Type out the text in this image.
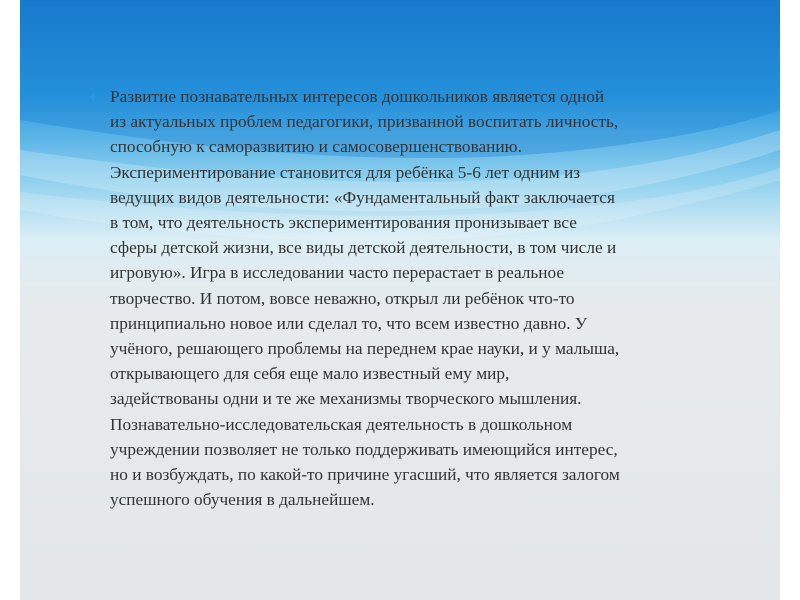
Развитие познавательных интересов дошкольников является одной
из актуальных проблем педагогики, призванной воспитать личность,
способную к саморазвитию и самосовершенствованию.
Экспериментирование становится для ребёнка 5-6 лет одним из
ведущих видов деятельности: «Фундаментальный факт заключается
в том, что деятельность экспериментирования пронизывает все
сферы детской жизни, все виды детской деятельности, в том числе и
игровую». Игра в исследовании часто перерастает в реальное
творчество. И потом, вовсе неважно, открыл ли ребёнок что-то
принципиально новое или сделал то, что всем известно давно. У
учёного, решающего проблемы на переднем крае науки, и у малыша,
открывающего для себя еще мало известный ему мир,
задействованы одни и те же механизмы творческого мышления.
Познавательно-исследовательская деятельность в дошкольном
учреждении позволяет не только поддерживать имеющийся интерес,
но и возбуждать, по какой-то причине угасший, что является залогом
успешного обучения в дальнейшем.
